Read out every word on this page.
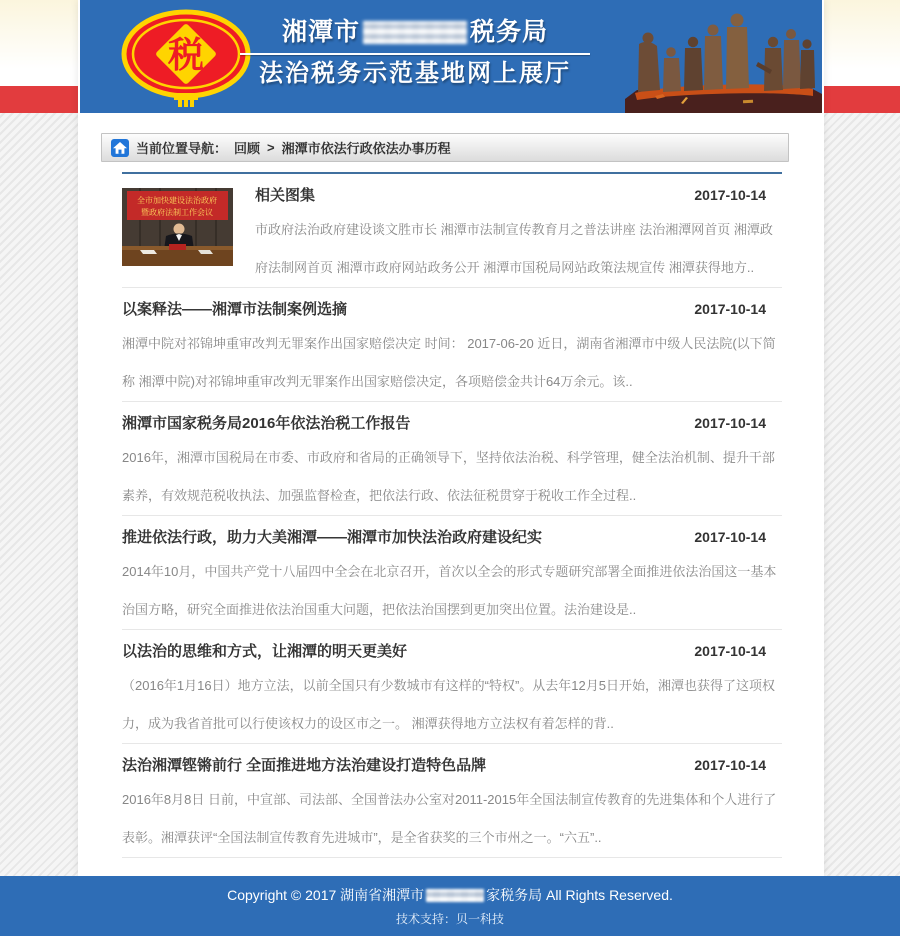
税
湘潭市	税务局
法治税务示范基地网上展厅
当前位置导航： 回顾 > 湘潭市依法行政依法办事历程
全市加快建设法治政府
暨政府法制工作会议
相关图集	2017-10-14

市政府法治政府建设谈文胜市长 湘潭市法制宣传教育月之普法讲座 法治湘潭网首页 湘潭政府法制网首页 湘潭市政府网站政务公开 湘潭市国税局网站政策法规宣传 湘潭获得地方..

以案释法——湘潭市法制案例选摘	2017-10-14

湘潭中院对祁锦坤重审改判无罪案作出国家赔偿决定 时间： 2017-06-20 近日，湖南省湘潭市中级人民法院(以下简称 湘潭中院)对祁锦坤重审改判无罪案作出国家赔偿决定，各项赔偿金共计64万余元。该..

湘潭市国家税务局2016年依法治税工作报告	2017-10-14

2016年，湘潭市国税局在市委、市政府和省局的正确领导下，坚持依法治税、科学管理，健全法治机制、提升干部素养，有效规范税收执法、加强监督检查，把依法行政、依法征税贯穿于税收工作全过程..

推进依法行政，助力大美湘潭——湘潭市加快法治政府建设纪实	2017-10-14

2014年10月，中国共产党十八届四中全会在北京召开，首次以全会的形式专题研究部署全面推进依法治国这一基本治国方略，研究全面推进依法治国重大问题，把依法治国摆到更加突出位置。法治建设是..

以法治的思维和方式，让湘潭的明天更美好	2017-10-14

（2016年1月16日）地方立法，以前全国只有少数城市有这样的“特权”。从去年12月5日开始，湘潭也获得了这项权力，成为我省首批可以行使该权力的设区市之一。 湘潭获得地方立法权有着怎样的背..

法治湘潭铿锵前行 全面推进地方法治建设打造特色品牌	2017-10-14

2016年8月8日 日前，中宣部、司法部、全国普法办公室对2011-2015年全国法制宣传教育的先进集体和个人进行了表彰。湘潭获评“全国法制宣传教育先进城市”，是全省获奖的三个市州之一。“六五”..

Copyright © 2017 湖南省湘潭市	家税务局 All Rights Reserved.
技术支持：贝一科技
